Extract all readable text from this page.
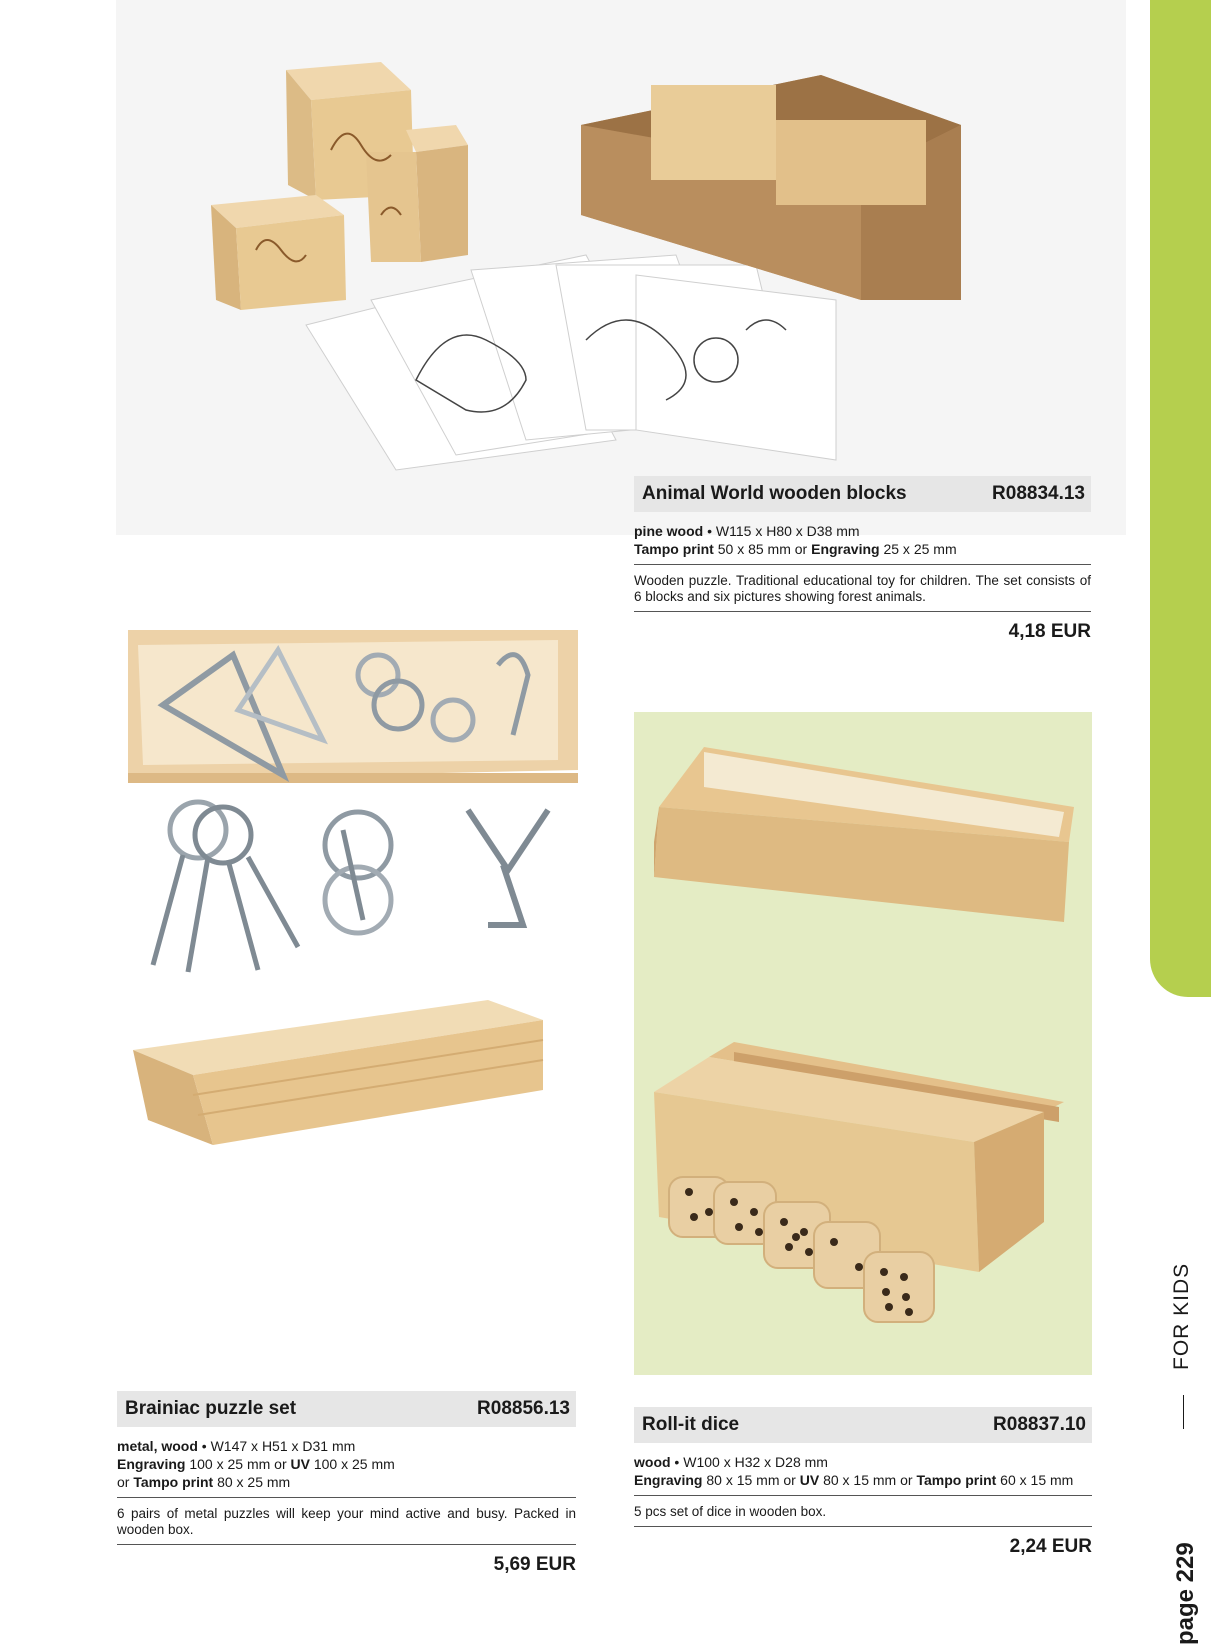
Animal World wooden blocks	R08834.13
pine wood • W115 x H80 x D38 mm
Tampo print 50 x 85 mm or Engraving 25 x 25 mm
Wooden puzzle. Traditional educational toy for children. The set consists of 6 blocks and six pictures showing forest animals.
4,18 EUR
Brainiac puzzle set	R08856.13
metal, wood • W147 x H51 x D31 mm
Engraving 100 x 25 mm or UV 100 x 25 mm
or Tampo print 80 x 25 mm
6 pairs of metal puzzles will keep your mind active and busy. Packed in wooden box.
5,69 EUR
Roll-it dice	R08837.10
wood • W100 x H32 x D28 mm
Engraving 80 x 15 mm or UV 80 x 15 mm or Tampo print 60 x 15 mm
5 pcs set of dice in wooden box.
2,24 EUR
FOR KIDS
page 229
